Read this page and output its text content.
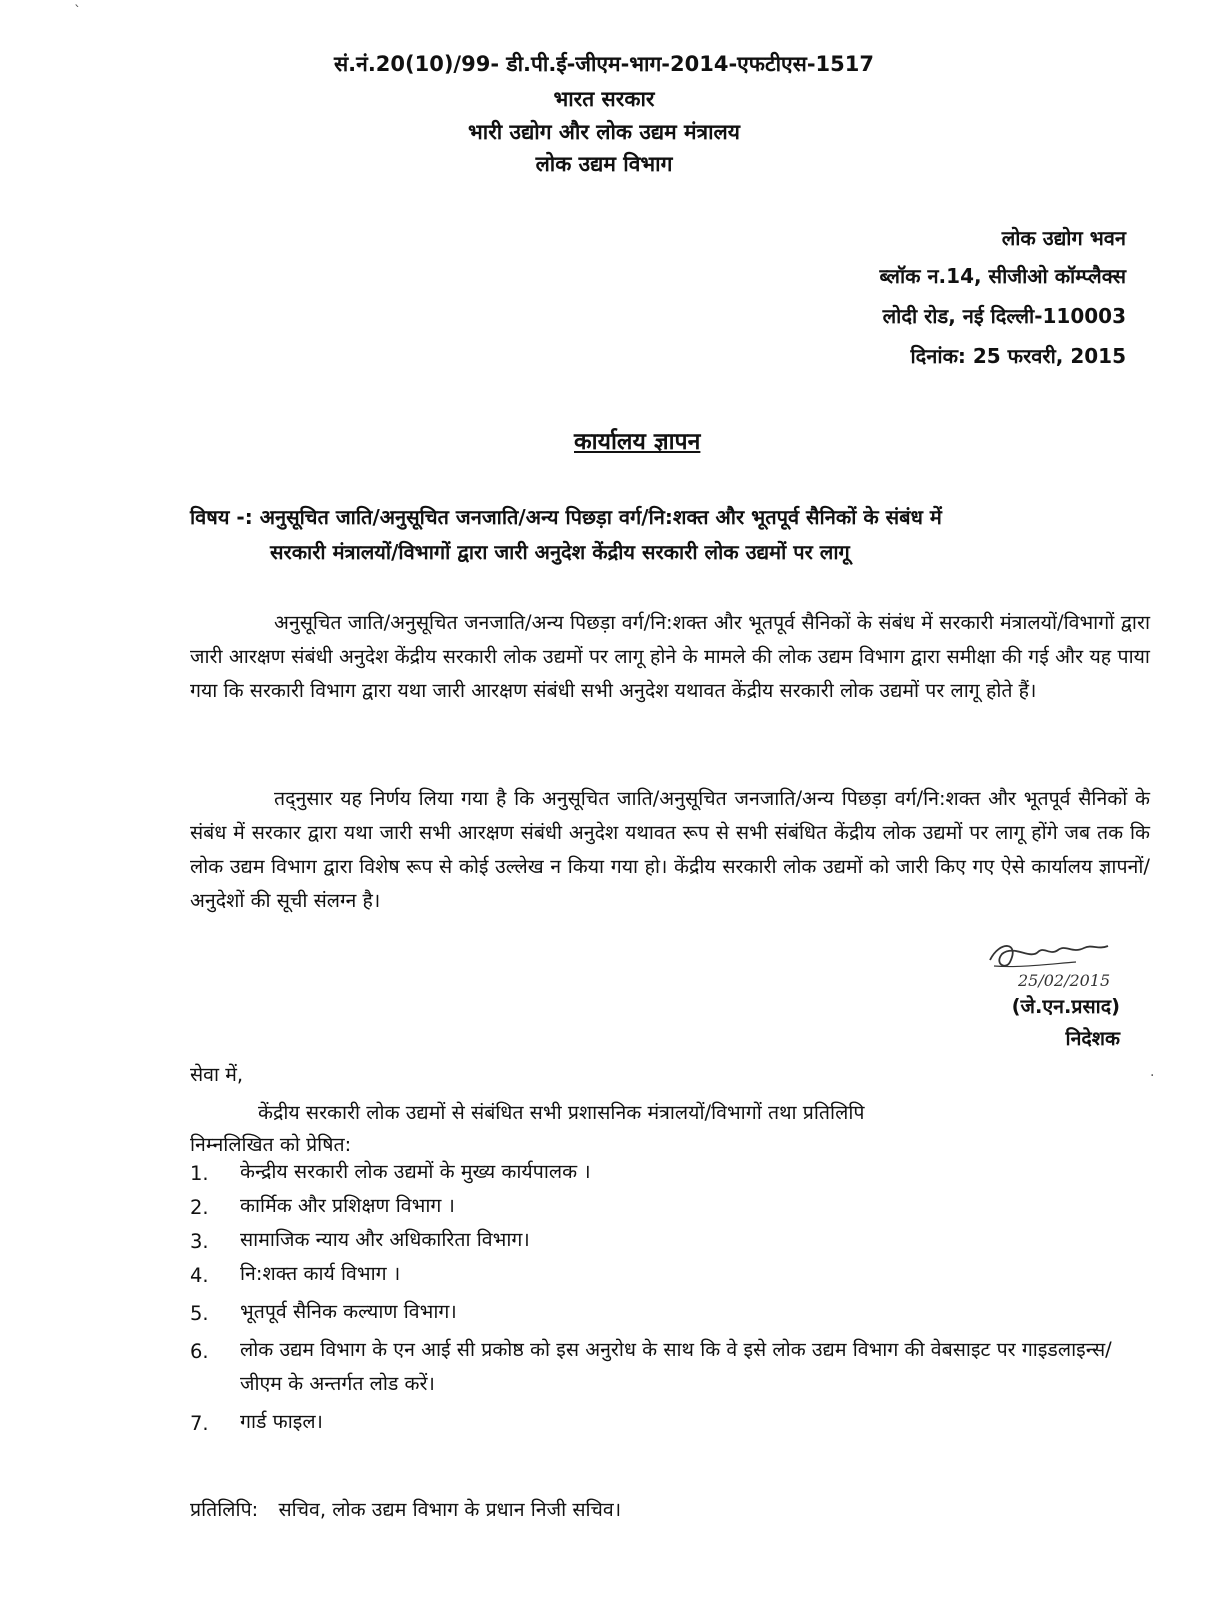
ˋ
·
सं.नं.20(10)/99- डी.पी.ई-जीएम-भाग-2014-एफटीएस-1517
भारत सरकार
भारी उद्योग और लोक उद्यम मंत्रालय
लोक उद्यम विभाग
लोक उद्योग भवन
ब्लॉक न.14, सीजीओ कॉम्प्लैक्स
लोदी रोड, नई दिल्ली-110003
दिनांक: 25 फरवरी, 2015
कार्यालय ज्ञापन
विषय -: अनुसूचित जाति/अनुसूचित जनजाति/अन्य पिछड़ा वर्ग/नि:शक्त और भूतपूर्व सैनिकों के संबंध में
सरकारी मंत्रालयों/विभागों द्वारा जारी अनुदेश केंद्रीय सरकारी लोक उद्यमों पर लागू
अनुसूचित जाति/अनुसूचित जनजाति/अन्य पिछड़ा वर्ग/नि:शक्त और भूतपूर्व सैनिकों के संबंध में सरकारी मंत्रालयों/विभागों द्वारा जारी आरक्षण संबंधी अनुदेश केंद्रीय सरकारी लोक उद्यमों पर लागू होने के मामले की लोक उद्यम विभाग द्वारा समीक्षा की गई और यह पाया गया कि सरकारी विभाग द्वारा यथा जारी आरक्षण संबंधी सभी अनुदेश यथावत केंद्रीय सरकारी लोक उद्यमों पर लागू होते हैं।
तद्नुसार यह निर्णय लिया गया है कि अनुसूचित जाति/अनुसूचित जनजाति/अन्य पिछड़ा वर्ग/नि:शक्त और भूतपूर्व सैनिकों के संबंध में सरकार द्वारा यथा जारी सभी आरक्षण संबंधी अनुदेश यथावत रूप से सभी संबंधित केंद्रीय लोक उद्यमों पर लागू होंगे जब तक कि लोक उद्यम विभाग द्वारा विशेष रूप से कोई उल्लेख न किया गया हो। केंद्रीय सरकारी लोक उद्यमों को जारी किए गए ऐसे कार्यालय ज्ञापनों/अनुदेशों की सूची संलग्न है।
25/02/2015
(जे.एन.प्रसाद)
निदेशक
सेवा में,
केंद्रीय सरकारी लोक उद्यमों से संबंधित सभी प्रशासनिक मंत्रालयों/विभागों तथा प्रतिलिपि
निम्नलिखित को प्रेषित:
1. केन्द्रीय सरकारी लोक उद्यमों के मुख्य कार्यपालक ।
2. कार्मिक और प्रशिक्षण विभाग ।
3. सामाजिक न्याय और अधिकारिता विभाग।
4. नि:शक्त कार्य विभाग ।
5. भूतपूर्व सैनिक कल्याण विभाग।
6. लोक उद्यम विभाग के एन आई सी प्रकोष्ठ को इस अनुरोध के साथ कि वे इसे लोक उद्यम विभाग की वेबसाइट पर गाइडलाइन्स/जीएम के अन्तर्गत लोड करें।
7. गार्ड फाइल।
प्रतिलिपि: सचिव, लोक उद्यम विभाग के प्रधान निजी सचिव।
